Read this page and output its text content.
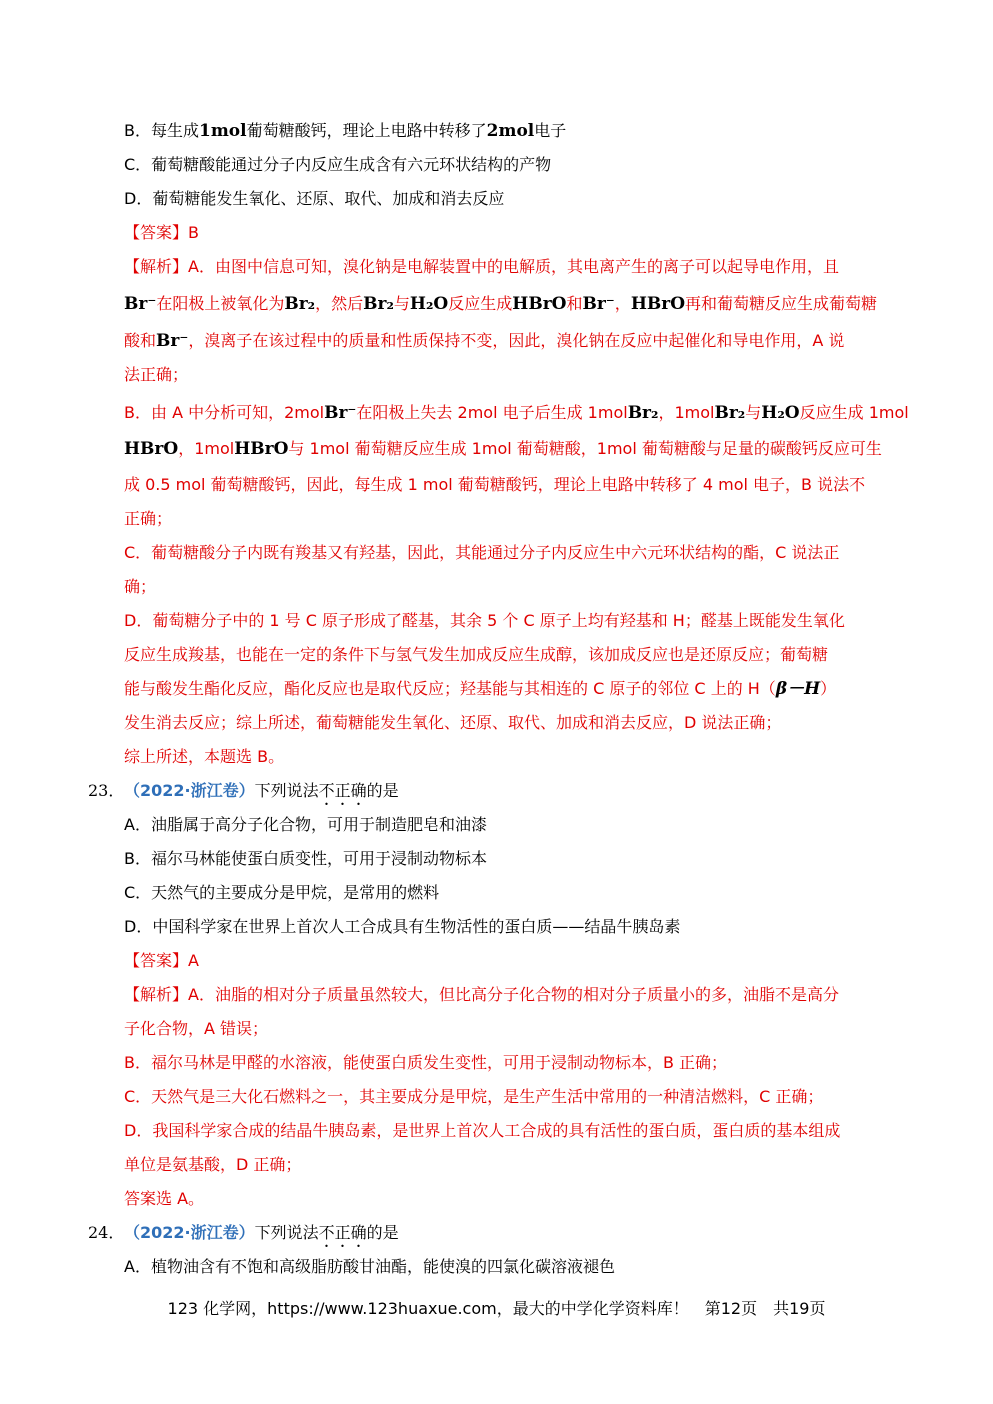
B．每生成1mol葡萄糖酸钙，理论上电路中转移了2mol电子
C．葡萄糖酸能通过分子内反应生成含有六元环状结构的产物
D．葡萄糖能发生氧化、还原、取代、加成和消去反应
【答案】B
【解析】A．由图中信息可知，溴化钠是电解装置中的电解质，其电离产生的离子可以起导电作用，且
Br⁻在阳极上被氧化为Br₂，然后Br₂与H₂O反应生成HBrO和Br⁻，HBrO再和葡萄糖反应生成葡萄糖
酸和Br⁻，溴离子在该过程中的质量和性质保持不变，因此，溴化钠在反应中起催化和导电作用，A 说
法正确；
B．由 A 中分析可知，2molBr⁻在阳极上失去 2mol 电子后生成 1molBr₂，1molBr₂与H₂O反应生成 1mol
HBrO，1molHBrO与 1mol 葡萄糖反应生成 1mol 葡萄糖酸，1mol 葡萄糖酸与足量的碳酸钙反应可生
成 0.5 mol 葡萄糖酸钙，因此，每生成 1 mol 葡萄糖酸钙，理论上电路中转移了 4 mol 电子，B 说法不
正确；
C．葡萄糖酸分子内既有羧基又有羟基，因此，其能通过分子内反应生中六元环状结构的酯，C 说法正
确；
D．葡萄糖分子中的 1 号 C 原子形成了醛基，其余 5 个 C 原子上均有羟基和 H；醛基上既能发生氧化
反应生成羧基，也能在一定的条件下与氢气发生加成反应生成醇，该加成反应也是还原反应；葡萄糖
能与酸发生酯化反应，酯化反应也是取代反应；羟基能与其相连的 C 原子的邻位 C 上的 H（β－H）
发生消去反应；综上所述，葡萄糖能发生氧化、还原、取代、加成和消去反应，D 说法正确；
综上所述，本题选 B。
23． （2022·浙江卷）下列说法不正确的是
A．油脂属于高分子化合物，可用于制造肥皂和油漆
B．福尔马林能使蛋白质变性，可用于浸制动物标本
C．天然气的主要成分是甲烷，是常用的燃料
D．中国科学家在世界上首次人工合成具有生物活性的蛋白质——结晶牛胰岛素
【答案】A
【解析】A．油脂的相对分子质量虽然较大，但比高分子化合物的相对分子质量小的多，油脂不是高分
子化合物，A 错误；
B．福尔马林是甲醛的水溶液，能使蛋白质发生变性，可用于浸制动物标本，B 正确；
C．天然气是三大化石燃料之一，其主要成分是甲烷，是生产生活中常用的一种清洁燃料，C 正确；
D．我国科学家合成的结晶牛胰岛素，是世界上首次人工合成的具有活性的蛋白质，蛋白质的基本组成
单位是氨基酸，D 正确；
答案选 A。
24． （2022·浙江卷）下列说法不正确的是
A．植物油含有不饱和高级脂肪酸甘油酯，能使溴的四氯化碳溶液褪色
123 化学网，https://www.123huaxue.com，最大的中学化学资料库！　第12页　共19页
